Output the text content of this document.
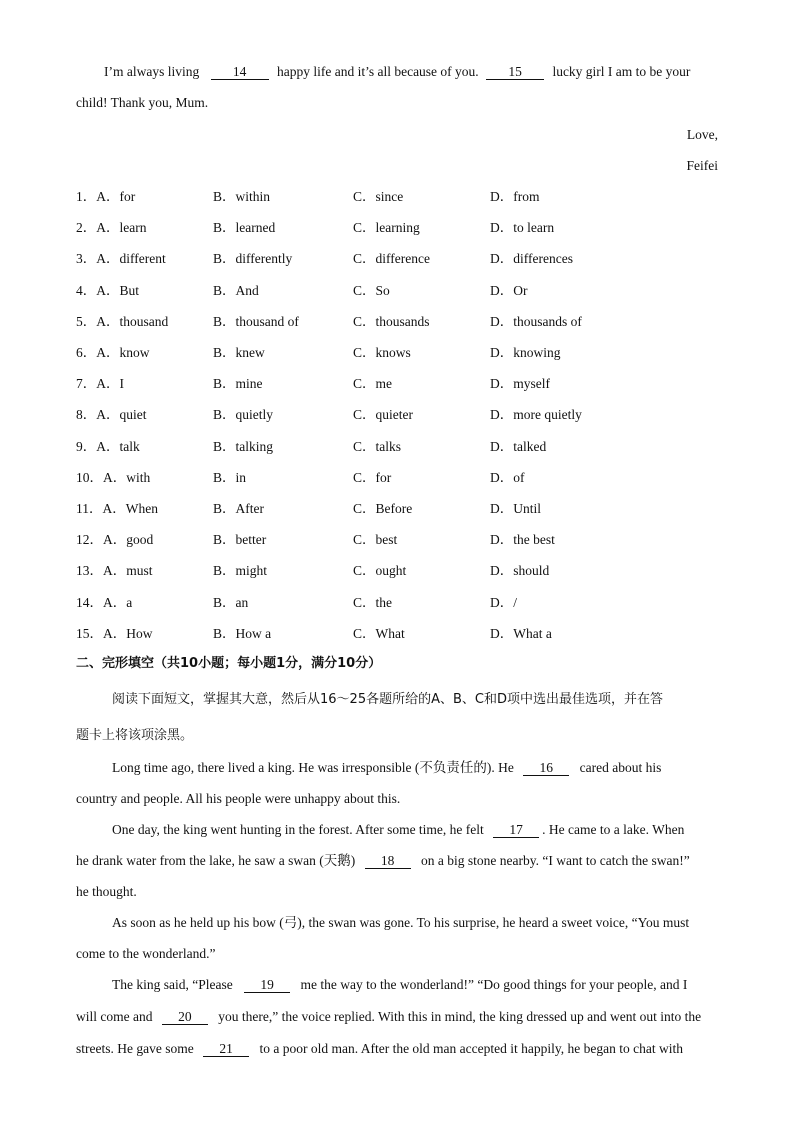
I’m always living 14 happy life and it’s all because of you. 15 lucky girl I am to be your
child! Thank you, Mum.
Love,
Feifei
1．A．for	B．within	C．since	D．from
2．A．learn	B．learned	C．learning	D．to learn
3．A．different	B．differently	C．difference	D．differences
4．A．But	B．And	C．So	D．Or
5．A．thousand	B．thousand of	C．thousands	D．thousands of
6．A．know	B．knew	C．knows	D．knowing
7．A．I	B．mine	C．me	D．myself
8．A．quiet	B．quietly	C．quieter	D．more quietly
9．A．talk	B．talking	C．talks	D．talked
10．A．with	B．in	C．for	D．of
11．A．When	B．After	C．Before	D．Until
12．A．good	B．better	C．best	D．the best
13．A．must	B．might	C．ought	D．should
14．A．a	B．an	C．the	D．/
15．A．How	B．How a	C．What	D．What a
二、完形填空（共10小题；每小题1分，满分10分）
阅读下面短文，掌握其大意，然后从16～25各题所给的A、B、C和D项中选出最佳选项，并在答
题卡上将该项涂黑。
Long time ago, there lived a king. He was irresponsible (不负责任的). He 16 cared about his
country and people. All his people were unhappy about this.
One day, the king went hunting in the forest. After some time, he felt 17 . He came to a lake. When
he drank water from the lake, he saw a swan (天鹅) 18 on a big stone nearby. “I want to catch the swan!”
he thought.
As soon as he held up his bow (弓), the swan was gone. To his surprise, he heard a sweet voice, “You must
come to the wonderland.”
The king said, “Please 19 me the way to the wonderland!” “Do good things for your people, and I
will come and 20 you there,” the voice replied. With this in mind, the king dressed up and went out into the
streets. He gave some 21 to a poor old man. After the old man accepted it happily, he began to chat with
